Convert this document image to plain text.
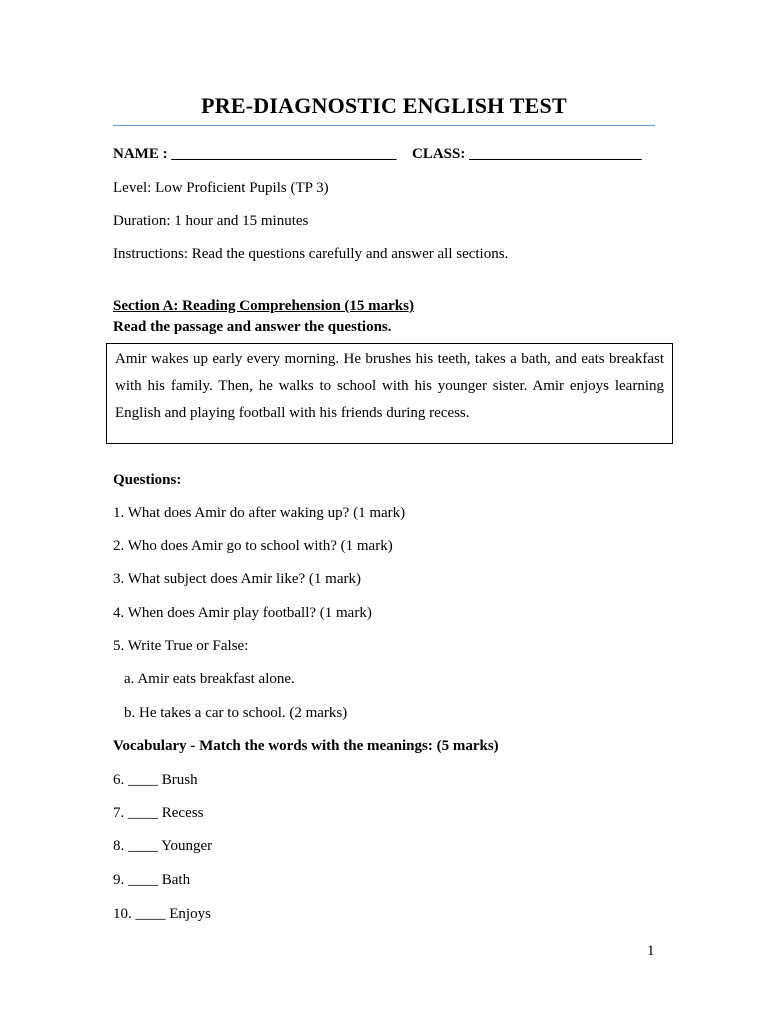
PRE-DIAGNOSTIC ENGLISH TEST
NAME : ______________________________ CLASS: _______________________
Level: Low Proficient Pupils (TP 3)
Duration: 1 hour and 15 minutes
Instructions: Read the questions carefully and answer all sections.
Section A: Reading Comprehension (15 marks)
Read the passage and answer the questions.
Amir wakes up early every morning. He brushes his teeth, takes a bath, and eats breakfast with his family. Then, he walks to school with his younger sister. Amir enjoys learning English and playing football with his friends during recess.
Questions:
1. What does Amir do after waking up? (1 mark)
2. Who does Amir go to school with? (1 mark)
3. What subject does Amir like? (1 mark)
4. When does Amir play football? (1 mark)
5. Write True or False:
a. Amir eats breakfast alone.
b. He takes a car to school. (2 marks)
Vocabulary - Match the words with the meanings: (5 marks)
6. ____ Brush
7. ____ Recess
8. ____ Younger
9. ____ Bath
10. ____ Enjoys
1
